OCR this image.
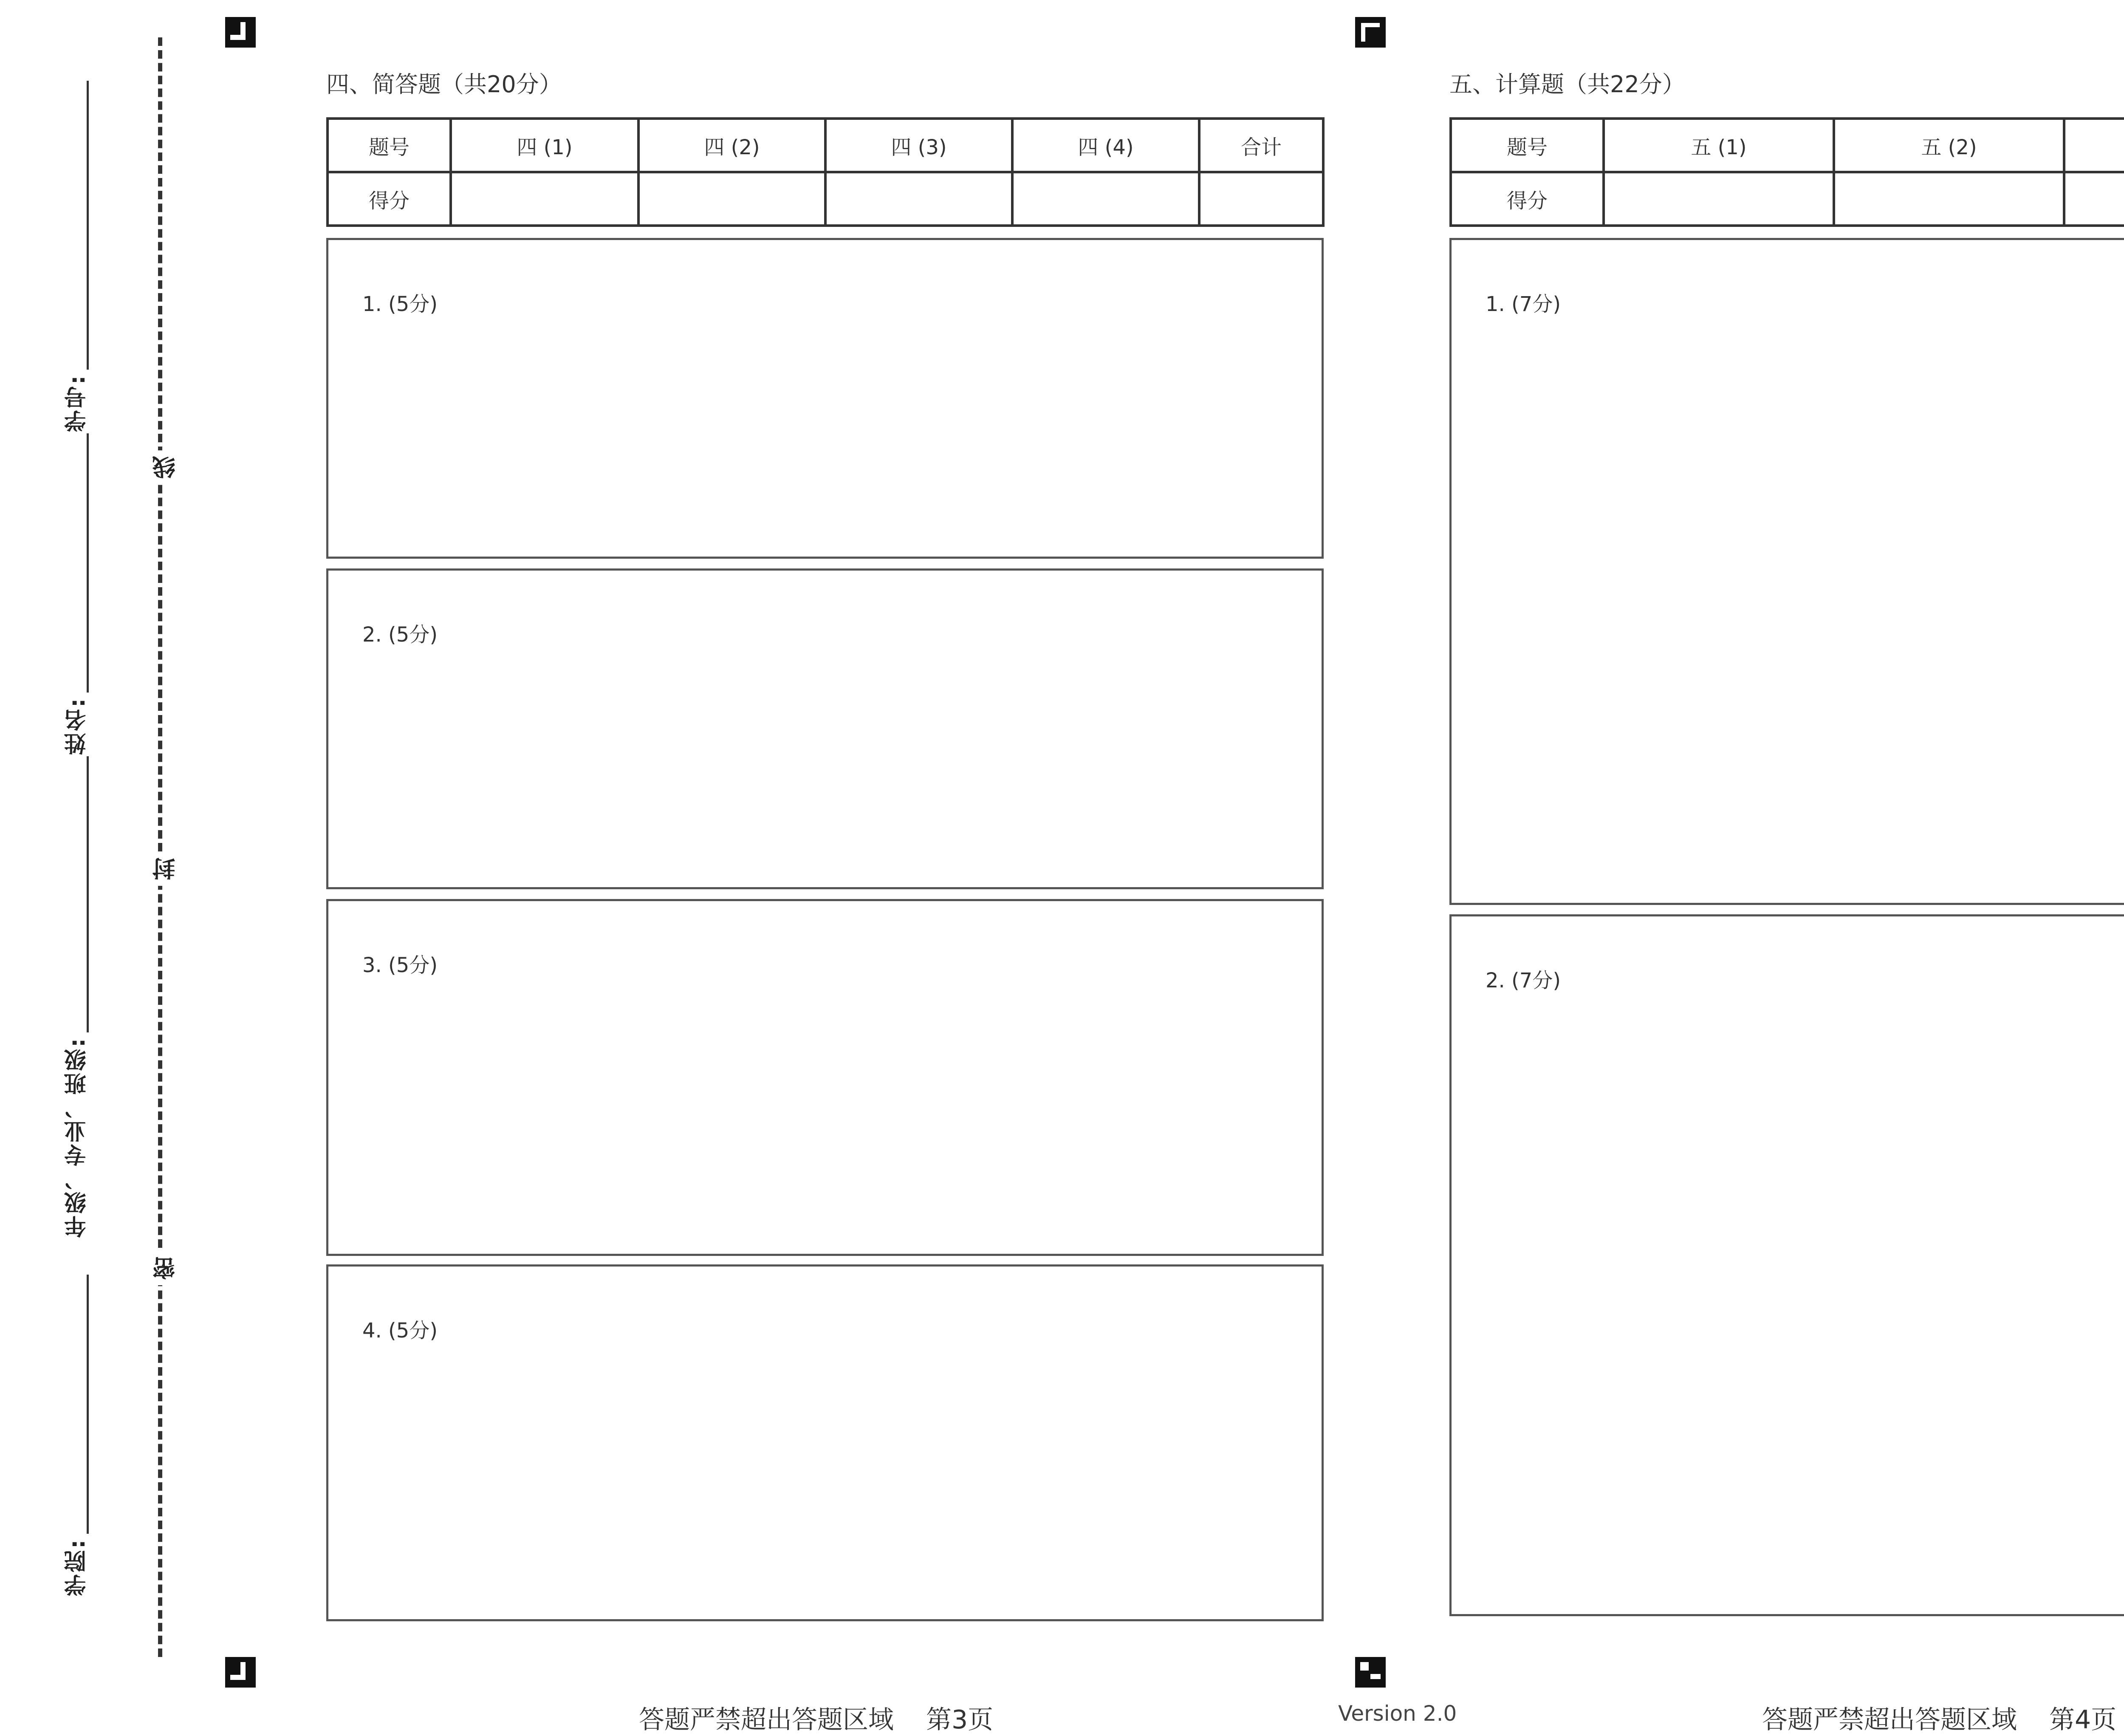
学号:
姓名:
年级、专业、班级:
学院:
线
封
密
四、简答题（共20分）
题号	四 (1)	四 (2)	四 (3)	四 (4)	合计
得分					
1. (5分)
2. (5分)
3. (5分)
4. (5分)
答题严禁超出答题区域 第3页	Version 2.0
五、计算题（共22分）
题号	五 (1)	五 (2)		
得分				
1. (7分)
2. (7分)
答题严禁超出答题区域 第4页
